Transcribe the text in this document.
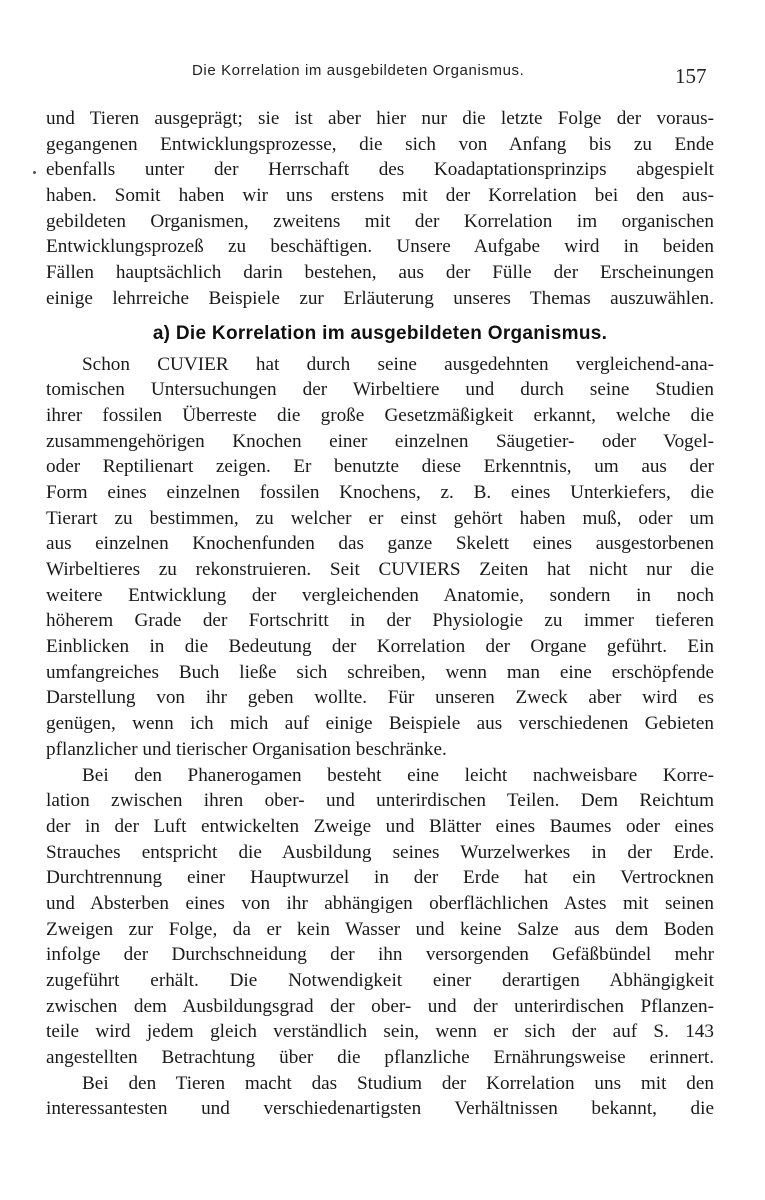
Die Korrelation im ausgebildeten Organismus.	157
und Tieren ausgeprägt; sie ist aber hier nur die letzte Folge der voraus-
gegangenen Entwicklungsprozesse, die sich von Anfang bis zu Ende
ebenfalls unter der Herrschaft des Koadaptationsprinzips abgespielt
haben. Somit haben wir uns erstens mit der Korrelation bei den aus-
gebildeten Organismen, zweitens mit der Korrelation im organischen
Entwicklungsprozeß zu beschäftigen. Unsere Aufgabe wird in beiden
Fällen hauptsächlich darin bestehen, aus der Fülle der Erscheinungen
einige lehrreiche Beispiele zur Erläuterung unseres Themas auszuwählen.
a) Die Korrelation im ausgebildeten Organismus.
Schon CUVIER hat durch seine ausgedehnten vergleichend-ana-
tomischen Untersuchungen der Wirbeltiere und durch seine Studien
ihrer fossilen Überreste die große Gesetzmäßigkeit erkannt, welche die
zusammengehörigen Knochen einer einzelnen Säugetier- oder Vogel-
oder Reptilienart zeigen. Er benutzte diese Erkenntnis, um aus der
Form eines einzelnen fossilen Knochens, z. B. eines Unterkiefers, die
Tierart zu bestimmen, zu welcher er einst gehört haben muß, oder um
aus einzelnen Knochenfunden das ganze Skelett eines ausgestorbenen
Wirbeltieres zu rekonstruieren. Seit CUVIERS Zeiten hat nicht nur die
weitere Entwicklung der vergleichenden Anatomie, sondern in noch
höherem Grade der Fortschritt in der Physiologie zu immer tieferen
Einblicken in die Bedeutung der Korrelation der Organe geführt. Ein
umfangreiches Buch ließe sich schreiben, wenn man eine erschöpfende
Darstellung von ihr geben wollte. Für unseren Zweck aber wird es
genügen, wenn ich mich auf einige Beispiele aus verschiedenen Gebieten
pflanzlicher und tierischer Organisation beschränke.
Bei den Phanerogamen besteht eine leicht nachweisbare Korre-
lation zwischen ihren ober- und unterirdischen Teilen. Dem Reichtum
der in der Luft entwickelten Zweige und Blätter eines Baumes oder eines
Strauches entspricht die Ausbildung seines Wurzelwerkes in der Erde.
Durchtrennung einer Hauptwurzel in der Erde hat ein Vertrocknen
und Absterben eines von ihr abhängigen oberflächlichen Astes mit seinen
Zweigen zur Folge, da er kein Wasser und keine Salze aus dem Boden
infolge der Durchschneidung der ihn versorgenden Gefäßbündel mehr
zugeführt erhält. Die Notwendigkeit einer derartigen Abhängigkeit
zwischen dem Ausbildungsgrad der ober- und der unterirdischen Pflanzen-
teile wird jedem gleich verständlich sein, wenn er sich der auf S. 143
angestellten Betrachtung über die pflanzliche Ernährungsweise erinnert.
Bei den Tieren macht das Studium der Korrelation uns mit den
interessantesten und verschiedenartigsten Verhältnissen bekannt, die
